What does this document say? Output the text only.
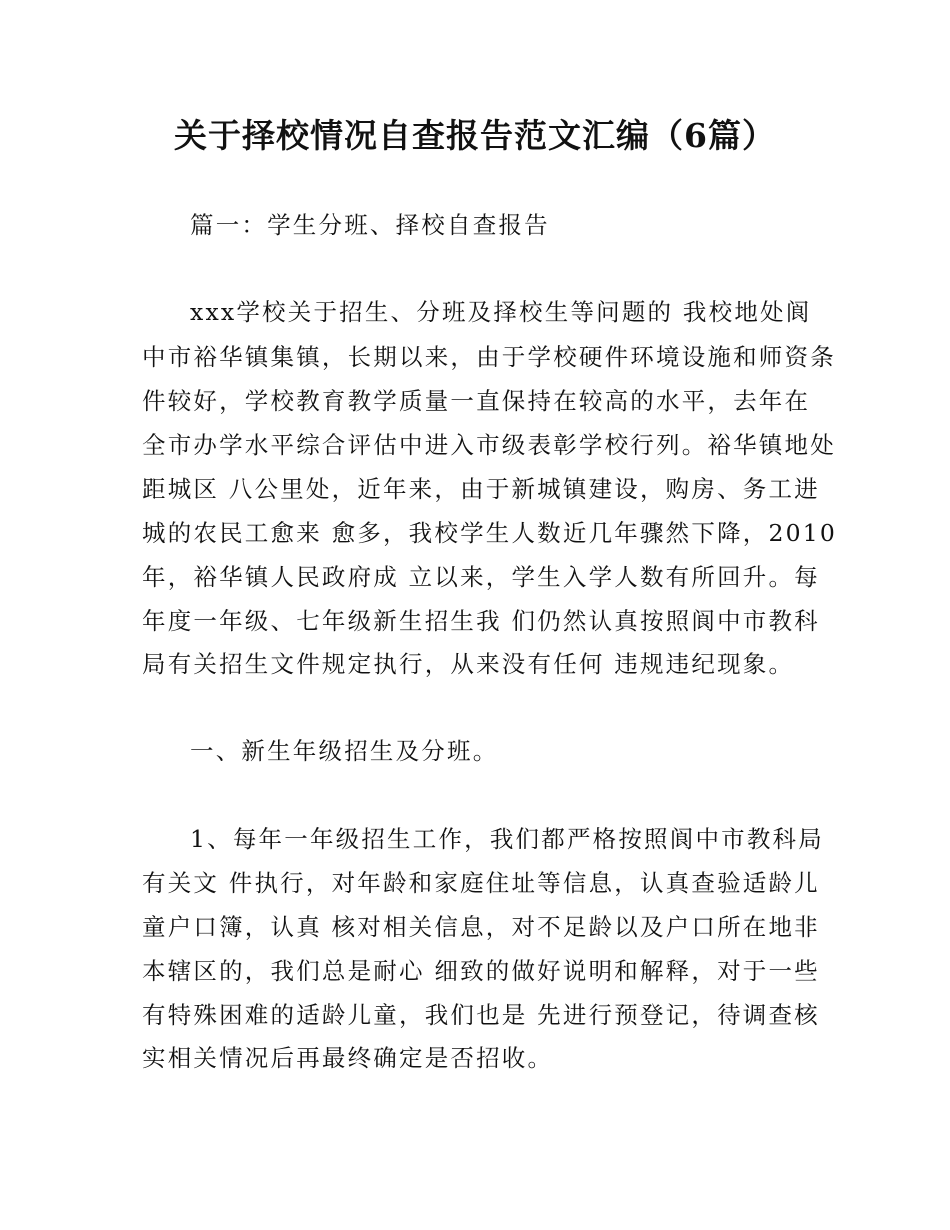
关于择校情况自查报告范文汇编（6篇）

篇一：学生分班、择校自查报告

xxx学校关于招生、分班及择校生等问题的 我校地处阆

中市裕华镇集镇，长期以来，由于学校硬件环境设施和师资条

件较好，学校教育教学质量一直保持在较高的水平，去年在

全市办学水平综合评估中进入市级表彰学校行列。裕华镇地处

距城区 八公里处，近年来，由于新城镇建设，购房、务工进

城的农民工愈来 愈多，我校学生人数近几年骤然下降，2010

年，裕华镇人民政府成 立以来，学生入学人数有所回升。每

年度一年级、七年级新生招生我 们仍然认真按照阆中市教科

局有关招生文件规定执行，从来没有任何 违规违纪现象。

一、新生年级招生及分班。

1、每年一年级招生工作，我们都严格按照阆中市教科局

有关文 件执行，对年龄和家庭住址等信息，认真查验适龄儿

童户口簿，认真 核对相关信息，对不足龄以及户口所在地非

本辖区的，我们总是耐心 细致的做好说明和解释，对于一些

有特殊困难的适龄儿童，我们也是 先进行预登记，待调查核

实相关情况后再最终确定是否招收。
